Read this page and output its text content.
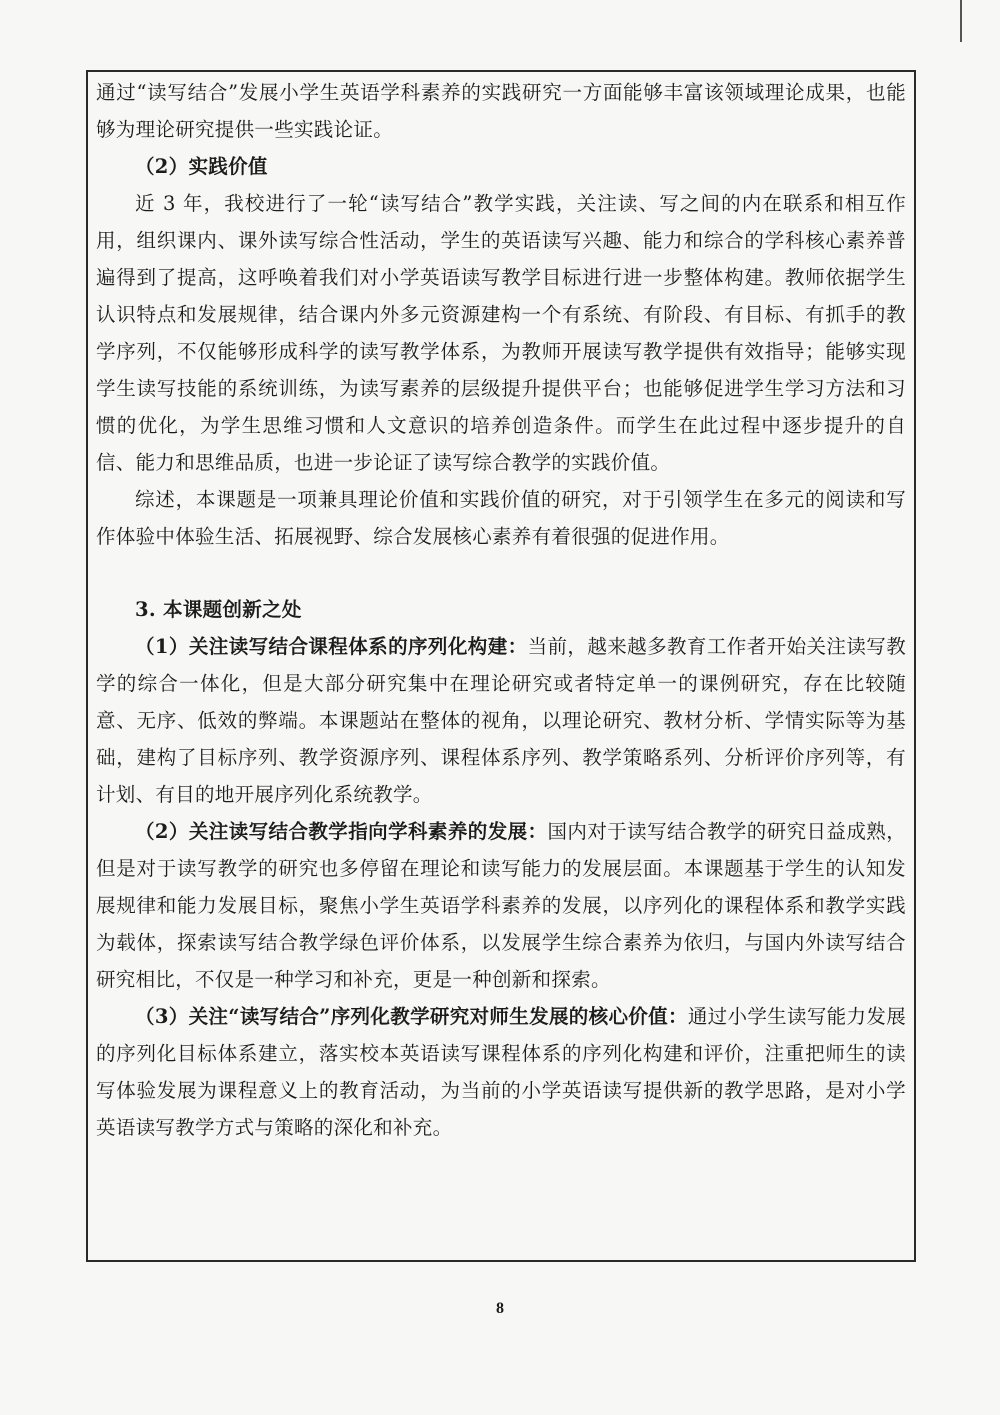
通过“读写结合”发展小学生英语学科素养的实践研究一方面能够丰富该领域理论成果，也能够为理论研究提供一些实践论证。

（2）实践价值

近 3 年，我校进行了一轮“读写结合”教学实践，关注读、写之间的内在联系和相互作用，组织课内、课外读写综合性活动，学生的英语读写兴趣、能力和综合的学科核心素养普遍得到了提高，这呼唤着我们对小学英语读写教学目标进行进一步整体构建。教师依据学生认识特点和发展规律，结合课内外多元资源建构一个有系统、有阶段、有目标、有抓手的教学序列，不仅能够形成科学的读写教学体系，为教师开展读写教学提供有效指导；能够实现学生读写技能的系统训练，为读写素养的层级提升提供平台；也能够促进学生学习方法和习惯的优化，为学生思维习惯和人文意识的培养创造条件。而学生在此过程中逐步提升的自信、能力和思维品质，也进一步论证了读写综合教学的实践价值。

综述，本课题是一项兼具理论价值和实践价值的研究，对于引领学生在多元的阅读和写作体验中体验生活、拓展视野、综合发展核心素养有着很强的促进作用。

3. 本课题创新之处

（1）关注读写结合课程体系的序列化构建：当前，越来越多教育工作者开始关注读写教学的综合一体化，但是大部分研究集中在理论研究或者特定单一的课例研究，存在比较随意、无序、低效的弊端。本课题站在整体的视角，以理论研究、教材分析、学情实际等为基础，建构了目标序列、教学资源序列、课程体系序列、教学策略系列、分析评价序列等，有计划、有目的地开展序列化系统教学。

（2）关注读写结合教学指向学科素养的发展：国内对于读写结合教学的研究日益成熟，但是对于读写教学的研究也多停留在理论和读写能力的发展层面。本课题基于学生的认知发展规律和能力发展目标，聚焦小学生英语学科素养的发展，以序列化的课程体系和教学实践为载体，探索读写结合教学绿色评价体系，以发展学生综合素养为依归，与国内外读写结合研究相比，不仅是一种学习和补充，更是一种创新和探索。

（3）关注“读写结合”序列化教学研究对师生发展的核心价值：通过小学生读写能力发展的序列化目标体系建立，落实校本英语读写课程体系的序列化构建和评价，注重把师生的读写体验发展为课程意义上的教育活动，为当前的小学英语读写提供新的教学思路，是对小学英语读写教学方式与策略的深化和补充。

8
